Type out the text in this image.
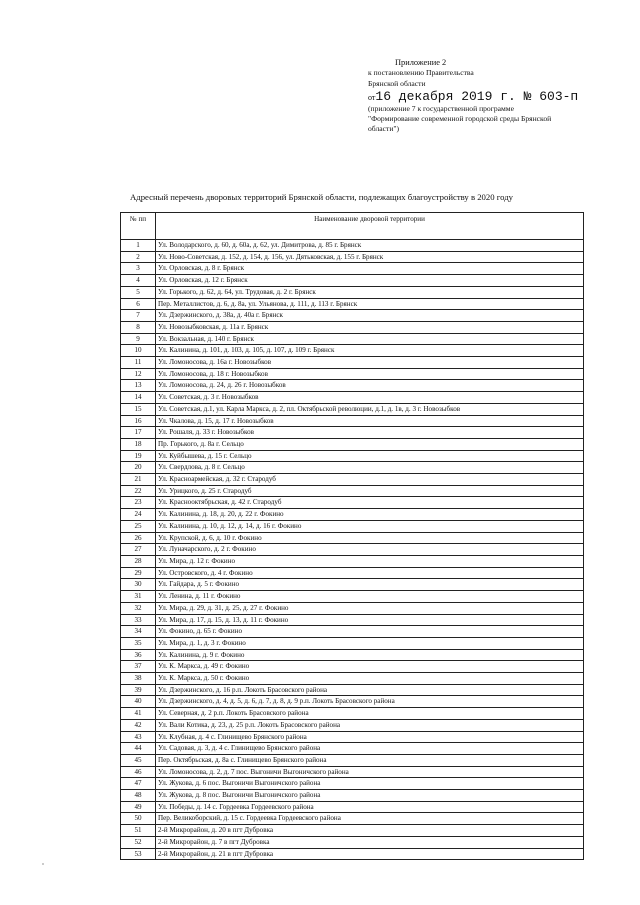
Приложение 2
к постановлению Правительства
Брянской области
от16 декабря 2019 г. № 603-п
(приложение 7 к государственной программе
"Формирование современной городской среды Брянской
области")
Адресный перечень дворовых территорий Брянской области, подлежащих благоустройству в 2020 году
№ пп	Наименование дворовой территории
1	Ул. Володарского, д. 60, д. 60а, д. 62, ул. Димитрова, д. 85 г. Брянск
2	Ул. Ново-Советская, д. 152, д. 154, д. 156, ул. Дятьковская, д. 155 г. Брянск
3	Ул. Орловская, д. 8 г. Брянск
4	Ул. Орловская, д. 12 г. Брянск
5	Ул. Горького, д. 62, д. 64, ул. Трудовая, д. 2 г. Брянск
6	Пер. Металлистов, д. 6, д. 8а, ул. Ульянова, д. 111, д. 113 г. Брянск
7	Ул. Дзержинского, д. 38а, д. 40а г. Брянск
8	Ул. Новозыбковская, д. 11а г. Брянск
9	Ул. Вокзальная, д. 140 г. Брянск
10	Ул. Калинина, д. 101, д. 103, д. 105, д. 107, д. 109 г. Брянск
11	Ул. Ломоносова, д. 16а г. Новозыбков
12	Ул. Ломоносова, д. 18 г. Новозыбков
13	Ул. Ломоносова, д. 24, д. 26 г. Новозыбков
14	Ул. Советская, д. 3 г. Новозыбков
15	Ул. Советская, д.1, ул. Карла Маркса, д. 2, пл. Октябрьской революции, д.1, д. 1в, д. 3 г. Новозыбков
16	Ул. Чкалова, д. 15, д. 17 г. Новозыбков
17	Ул. Рошаля, д. 33 г. Новозыбков
18	Пр. Горького, д. 8а г. Сельцо
19	Ул. Куйбышева, д. 15 г. Сельцо
20	Ул. Свердлова, д. 8 г. Сельцо
21	Ул. Красноармейская, д. 32 г. Стародуб
22	Ул. Урицкого, д. 25 г. Стародуб
23	Ул. Краснооктябрьская, д. 42 г. Стародуб
24	Ул. Калинина, д. 18, д. 20, д. 22 г. Фокино
25	Ул. Калинина, д. 10, д. 12, д. 14, д. 16 г. Фокино
26	Ул. Крупской, д. 6, д. 10 г. Фокино
27	Ул. Луначарского, д. 2 г. Фокино
28	Ул. Мира, д. 12 г. Фокино
29	Ул. Островского, д. 4 г. Фокино
30	Ул. Гайдара, д. 5 г. Фокино
31	Ул. Ленина, д. 11 г. Фокино
32	Ул. Мира, д. 29, д. 31, д. 25, д. 27 г. Фокино
33	Ул. Мира, д. 17, д. 15, д. 13, д. 11 г. Фокино
34	Ул. Фокино, д. 65 г. Фокино
35	Ул. Мира, д. 1, д. 3 г. Фокино
36	Ул. Калинина, д. 9 г. Фокино
37	Ул. К. Маркса, д. 49 г. Фокино
38	Ул. К. Маркса, д. 50 г. Фокино
39	Ул. Дзержинского, д. 16 р.п. Локоть Брасовского района
40	Ул. Дзержинского, д. 4, д. 5, д. 6, д. 7, д. 8, д. 9 р.п. Локоть Брасовского района
41	Ул. Северная, д. 2 р.п. Локоть Брасовского района
42	Ул. Вали Котика, д. 23, д. 25 р.п. Локоть Брасовского района
43	Ул. Клубная, д. 4 с. Глинищево Брянского района
44	Ул. Садовая, д. 3, д. 4 с. Глинищево Брянского района
45	Пер. Октябрьская, д. 8а с. Глинищево Брянского района
46	Ул. Ломоносова, д. 2, д. 7 пос. Выгоничи Выгоничского района
47	Ул. Жукова, д. 6 пос. Выгоничи Выгоничского района
48	Ул. Жукова, д. 8 пос. Выгоничи Выгоничского района
49	Ул. Победы, д. 14 с. Гордеевка Гордеевского района
50	Пер. Великоборский, д. 15 с. Гордеевка Гордеевского района
51	2-й Микрорайон, д. 20 в пгт Дубровка
52	2-й Микрорайон, д. 7 в пгт Дубровка
53	2-й Микрорайон, д. 21 в пгт Дубровка
